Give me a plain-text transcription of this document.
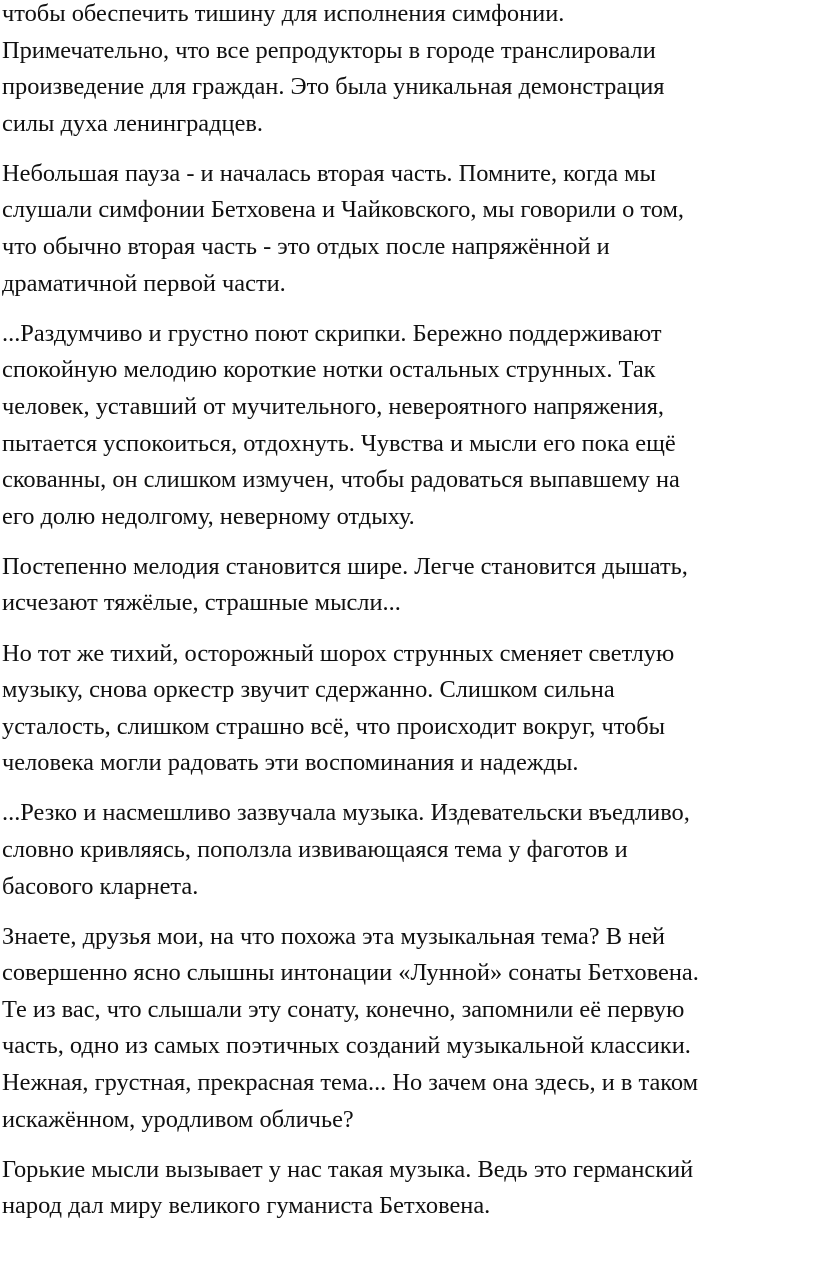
чтобы обеспечить тишину для исполнения симфонии.
Примечательно, что все репродукторы в городе транслировали
произведение для граждан. Это была уникальная демонстрация
силы духа ленинградцев.

Небольшая пауза - и началась вторая часть. Помните, когда мы
слушали симфонии Бетховена и Чайковского, мы говорили о том,
что обычно вторая часть - это отдых после напряжённой и
драматичной первой части.

...Раздумчиво и грустно поют скрипки. Бережно поддерживают
спокойную мелодию короткие нотки остальных струнных. Так
человек, уставший от мучительного, невероятного напряжения,
пытается успокоиться, отдохнуть. Чувства и мысли его пока ещё
скованны, он слишком измучен, чтобы радоваться выпавшему на
его долю недолгому, неверному отдыху.

Постепенно мелодия становится шире. Легче становится дышать,
исчезают тяжёлые, страшные мысли...

Но тот же тихий, осторожный шорох струнных сменяет светлую
музыку, снова оркестр звучит сдержанно. Слишком сильна
усталость, слишком страшно всё, что происходит вокруг, чтобы
человека могли радовать эти воспоминания и надежды.

...Резко и насмешливо зазвучала музыка. Издевательски въедливо,
словно кривляясь, поползла извивающаяся тема у фаготов и
басового кларнета.

Знаете, друзья мои, на что похожа эта музыкальная тема? В ней
совершенно ясно слышны интонации «Лунной» сонаты Бетховена.
Те из вас, что слышали эту сонату, конечно, запомнили её первую
часть, одно из самых поэтичных созданий музыкальной классики.
Нежная, грустная, прекрасная тема... Но зачем она здесь, и в таком
искажённом, уродливом обличье?

Горькие мысли вызывает у нас такая музыка. Ведь это германский
народ дал миру великого гуманиста Бетховена.
